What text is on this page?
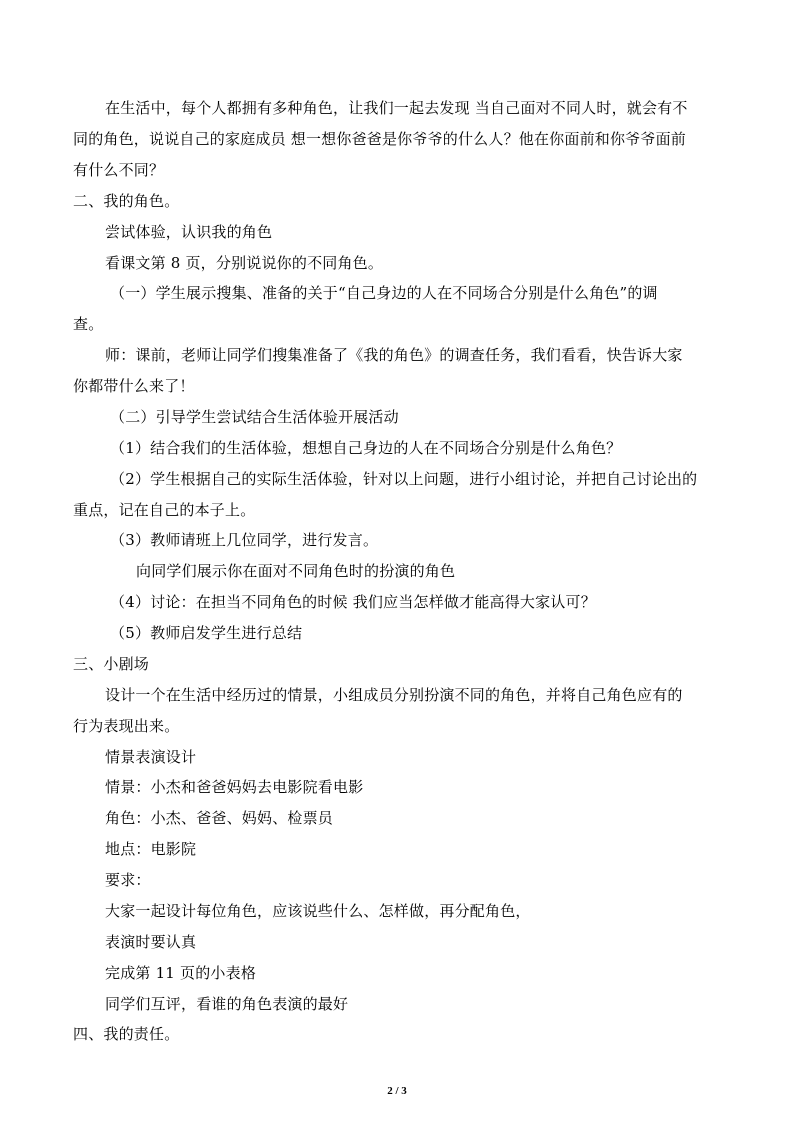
在生活中，每个人都拥有多种角色，让我们一起去发现 当自己面对不同人时，就会有不
同的角色，说说自己的家庭成员 想一想你爸爸是你爷爷的什么人？他在你面前和你爷爷面前
有什么不同？
二、我的角色。
尝试体验，认识我的角色
看课文第 8 页，分别说说你的不同角色。
（一）学生展示搜集、准备的关于“自己身边的人在不同场合分别是什么角色”的调
查。
师：课前，老师让同学们搜集准备了《我的角色》的调查任务，我们看看，快告诉大家
你都带什么来了！
（二）引导学生尝试结合生活体验开展活动
（1）结合我们的生活体验，想想自己身边的人在不同场合分别是什么角色？
（2）学生根据自己的实际生活体验，针对以上问题，进行小组讨论，并把自己讨论出的
重点，记在自己的本子上。
（3）教师请班上几位同学，进行发言。
向同学们展示你在面对不同角色时的扮演的角色
（4）讨论：在担当不同角色的时候 我们应当怎样做才能高得大家认可？
（5）教师启发学生进行总结
三、小剧场
设计一个在生活中经历过的情景，小组成员分别扮演不同的角色，并将自己角色应有的
行为表现出来。
情景表演设计
情景：小杰和爸爸妈妈去电影院看电影
角色：小杰、爸爸、妈妈、检票员
地点：电影院
要求：
大家一起设计每位角色，应该说些什么、怎样做，再分配角色，
表演时要认真
完成第 11 页的小表格
同学们互评，看谁的角色表演的最好
四、我的责任。
2 / 3
